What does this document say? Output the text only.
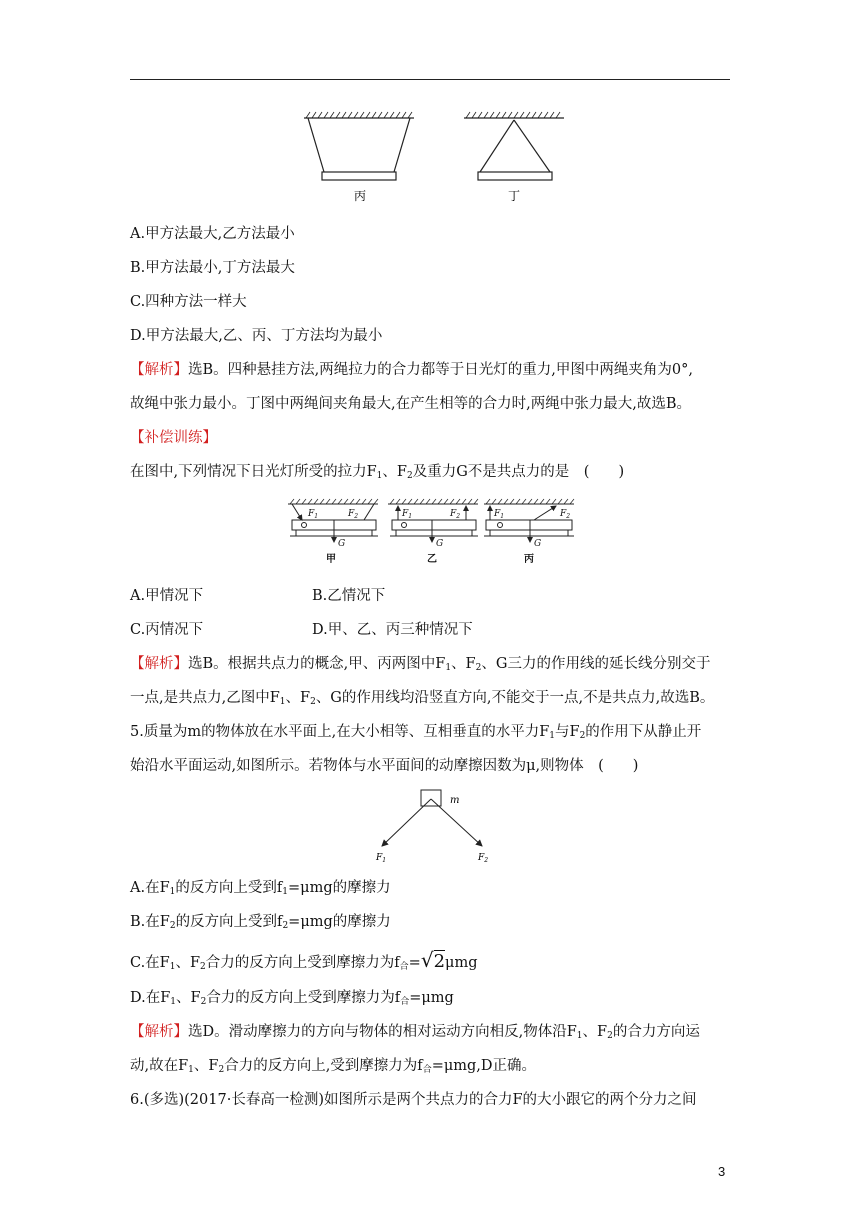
丙	丁
A.甲方法最大,乙方法最小
B.甲方法最小,丁方法最大
C.四种方法一样大
D.甲方法最大,乙、丙、丁方法均为最小
【解析】选B。四种悬挂方法,两绳拉力的合力都等于日光灯的重力,甲图中两绳夹角为0°,
故绳中张力最小。丁图中两绳间夹角最大,在产生相等的合力时,两绳中张力最大,故选B。
【补偿训练】
在图中,下列情况下日光灯所受的拉力$F_1$、$F_2$及重力G不是共点力的是　(　　)
$F_1$	$F_2$
G
$F_1$	$F_2$
G
$F_1$	$F_2$
G
甲	乙	丙
A.甲情况下	B.乙情况下
C.丙情况下	D.甲、乙、丙三种情况下
【解析】选B。根据共点力的概念,甲、丙两图中$F_1$、$F_2$、G三力的作用线的延长线分别交于
一点,是共点力,乙图中$F_1$、$F_2$、G的作用线均沿竖直方向,不能交于一点,不是共点力,故选B。
5.质量为m的物体放在水平面上,在大小相等、互相垂直的水平力$F_1$与$F_2$的作用下从静止开
始沿水平面运动,如图所示。若物体与水平面间的动摩擦因数为μ,则物体　(　　)
m
$F_1$	$F_2$
A.在$F_1$的反方向上受到$f_1=\mu mg$的摩擦力
B.在$F_2$的反方向上受到$f_2=\mu mg$的摩擦力
C.在$F_1$、$F_2$合力的反方向上受到摩擦力为$f_合=√2\mu mg$
D.在$F_1$、$F_2$合力的反方向上受到摩擦力为$f_合=\mu mg$
【解析】选D。滑动摩擦力的方向与物体的相对运动方向相反,物体沿$F_1$、$F_2$的合力方向运
动,故在$F_1$、$F_2$合力的反方向上,受到摩擦力为$f_合=\mu mg,D$正确。
6.(多选)(2017·长春高一检测)如图所示是两个共点力的合力F的大小跟它的两个分力之间
3
